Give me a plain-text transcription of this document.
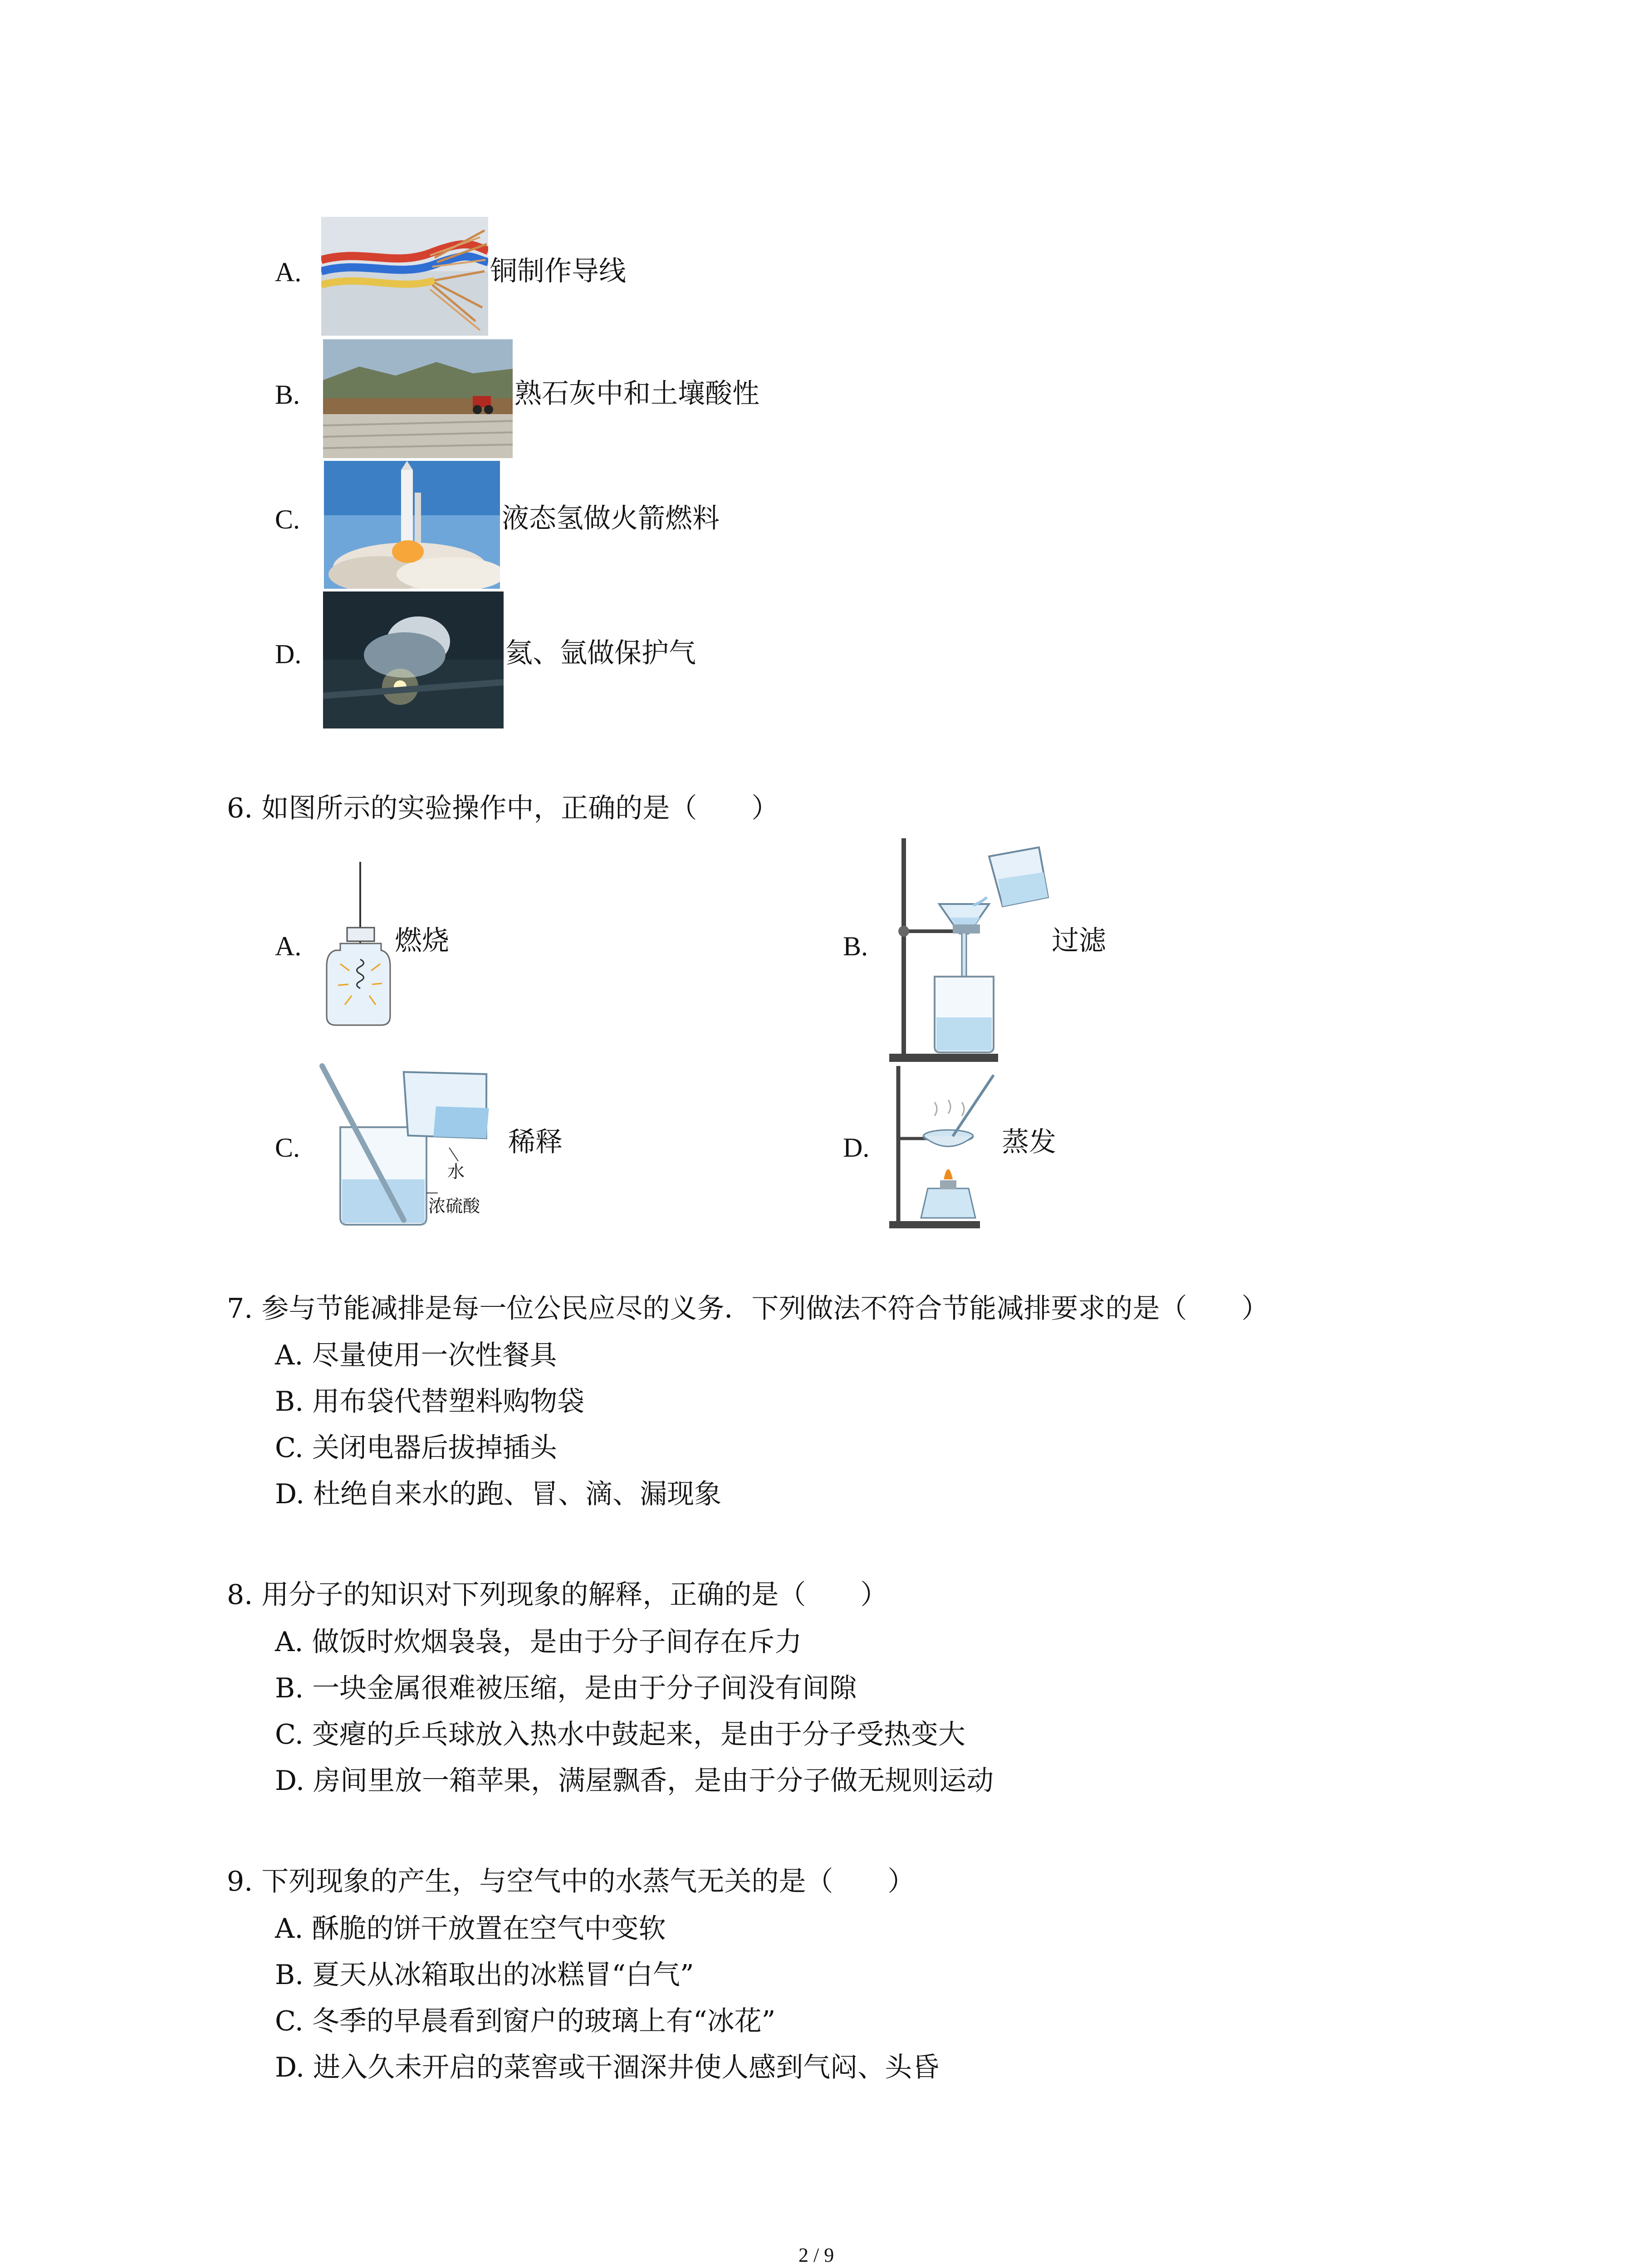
A.	铜制作导线
B.	熟石灰中和土壤酸性
C.	液态氢做火箭燃料
D.	氦、氩做保护气
6. 如图所示的实验操作中，正确的是（　　）
A.	燃烧	B.	过滤
C.	稀释
水
浓硫酸
D.	蒸发
7. 参与节能减排是每一位公民应尽的义务．下列做法不符合节能减排要求的是（　　）
A. 尽量使用一次性餐具
B. 用布袋代替塑料购物袋
C. 关闭电器后拔掉插头
D. 杜绝自来水的跑、冒、滴、漏现象
8. 用分子的知识对下列现象的解释，正确的是（　　）
A. 做饭时炊烟袅袅，是由于分子间存在斥力
B. 一块金属很难被压缩，是由于分子间没有间隙
C. 变瘪的乒乓球放入热水中鼓起来，是由于分子受热变大
D. 房间里放一箱苹果，满屋飘香，是由于分子做无规则运动
9. 下列现象的产生，与空气中的水蒸气无关的是（　　）
A. 酥脆的饼干放置在空气中变软
B. 夏天从冰箱取出的冰糕冒“白气”
C. 冬季的早晨看到窗户的玻璃上有“冰花”
D. 进入久未开启的菜窖或干涸深井使人感到气闷、头昏
2 / 9
